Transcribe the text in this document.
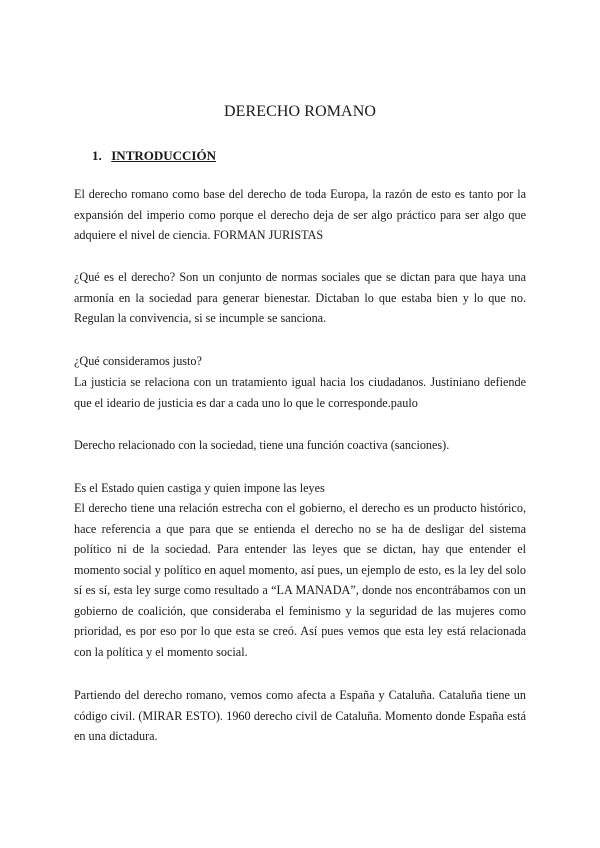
DERECHO ROMANO
1. INTRODUCCIÓN

El derecho romano como base del derecho de toda Europa, la razón de esto es tanto por la expansión del imperio como porque el derecho deja de ser algo práctico para ser algo que adquiere el nivel de ciencia. FORMAN JURISTAS

¿Qué es el derecho? Son un conjunto de normas sociales que se dictan para que haya una armonía en la sociedad para generar bienestar. Dictaban lo que estaba bien y lo que no. Regulan la convivencia, si se incumple se sanciona.

¿Qué consideramos justo?

La justicia se relaciona con un tratamiento igual hacia los ciudadanos. Justiniano defiende que el ideario de justicia es dar a cada uno lo que le corresponde.paulo

Derecho relacionado con la sociedad, tiene una función coactiva (sanciones).

Es el Estado quien castiga y quien impone las leyes

El derecho tiene una relación estrecha con el gobierno, el derecho es un producto histórico, hace referencia a que para que se entienda el derecho no se ha de desligar del sistema político ni de la sociedad. Para entender las leyes que se dictan, hay que entender el momento social y político en aquel momento, así pues, un ejemplo de esto, es la ley del solo sí es sí, esta ley surge como resultado a “LA MANADA”, donde nos encontrábamos con un gobierno de coalición, que consideraba el feminismo y la seguridad de las mujeres como prioridad, es por eso por lo que esta se creó. Así pues vemos que esta ley está relacionada con la política y el momento social.

Partiendo del derecho romano, vemos como afecta a España y Cataluña. Cataluña tiene un código civil. (MIRAR ESTO). 1960 derecho civil de Cataluña. Momento donde España está en una dictadura.
